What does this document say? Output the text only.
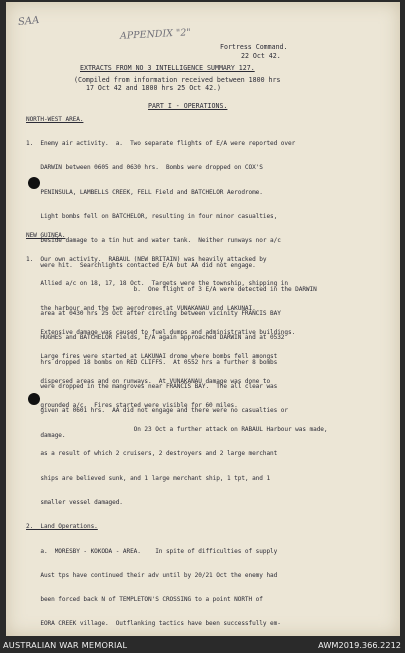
SAA
APPENDIX "2"
Fortress Command.
22 Oct 42.
EXTRACTS FROM NO 3 INTELLIGENCE SUMMARY 127.
(Compiled from information received between 1800 hrs
17 Oct 42 and 1800 hrs 25 Oct 42.)
PART I - OPERATIONS.
NORTH-WEST AREA.

1.  Enemy air activity.  a.  Two separate flights of E/A were reported over

DARWIN between 0605 and 0630 hrs.  Bombs were dropped on COX'S

PENINSULA, LAMBELLS CREEK, FELL Field and BATCHELOR Aerodrome.

Light bombs fell on BATCHELOR, resulting in four minor casualties,

beside damage to a tin hut and water tank.  Neither runways nor a/c

were hit.  Searchlights contacted E/A but AA did not engage.

b.  One flight of 3 E/A were detected in the DARWIN

area at 0430 hrs 25 Oct after circling between vicinity FRANCIS BAY

HUGHES and BATCHELOR Fields, E/A again approached DARWIN and at 0532

hrs dropped 18 bombs on RED CLIFFS.  At 0552 hrs a further 8 bombs

were dropped in the mangroves near FRANCIS BAY.  The all clear was

given at 0601 hrs.  AA did not engage and there were no casualties or

damage.

NEW GUINEA.

1.  Our own activity.  RABAUL (NEW BRITAIN) was heavily attacked by

Allied a/c on 18, 17, 18 Oct.  Targets were the township, shipping in

the harbour and the two aerodromes at VUNAKANAU and LAKUNAI.

Extensive damage was caused to fuel dumps and administrative buildings.

Large fires were started at LAKUNAI drome where bombs fell amongst

dispersed areas and on runways.  At VUNAKANAU damage was done to

grounded a/c.  Fires started were visible for 60 miles.

On 23 Oct a further attack on RABAUL Harbour was made,

as a result of which 2 cruisers, 2 destroyers and 2 large merchant

ships are believed sunk, and 1 large merchant ship, 1 tpt, and 1

smaller vessel damaged.

2.  Land Operations.

a.  MORESBY - KOKODA - AREA.    In spite of difficulties of supply

Aust tps have continued their adv until by 20/21 Oct the enemy had

been forced back N of TEMPLETON'S CROSSING to a point NORTH of

EORA CREEK village.  Outflanking tactics have been successfully em-

AUSTRALIAN WAR MEMORIAL	AWM2019.366.2212
